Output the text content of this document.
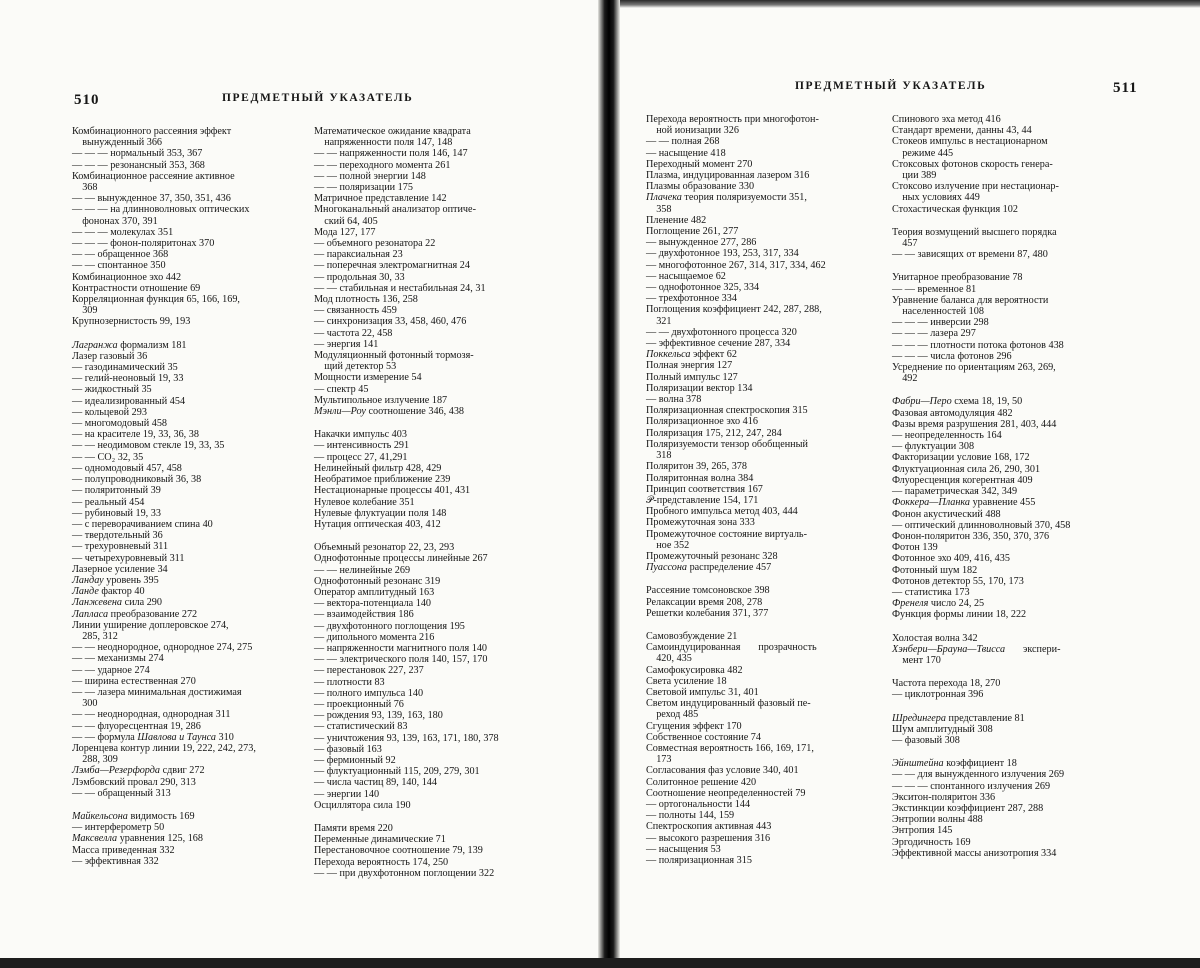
510	ПРЕДМЕТНЫЙ УКАЗАТЕЛЬ
Комбинационного рассеяния эффект
вынужденный 366
— — — нормальный 353, 367
— — — резонансный 353, 368
Комбинационное рассеяние активное
368
— — вынужденное 37, 350, 351, 436
— — — на длинноволновых оптических
фононах 370, 391
— — — молекулах 351
— — — фонон-поляритонах 370
— — обращенное 368
— — спонтанное 350
Комбинационное эхо 442
Контрастности отношение 69
Корреляционная функция 65, 166, 169,
309
Крупнозернистость 99, 193
Лагранжа формализм 181
Лазер газовый 36
— газодинамический 35
— гелий-неоновый 19, 33
— жидкостный 35
— идеализированный 454
— кольцевой 293
— многомодовый 458
— на красителе 19, 33, 36, 38
— — неодимовом стекле 19, 33, 35
— — CO₂ 32, 35
— одномодовый 457, 458
— полупроводниковый 36, 38
— поляритонный 39
— реальный 454
— рубиновый 19, 33
— с переворачиванием спина 40
— твердотельный 36
— трехуровневый 311
— четырехуровневый 311
Лазерное усиление 34
Ландау уровень 395
Ланде фактор 40
Ланжевена сила 290
Лапласа преобразование 272
Линии уширение доплеровское 274,
285, 312
— — неоднородное, однородное 274, 275
— — механизмы 274
— — ударное 274
— ширина естественная 270
— — лазера минимальная достижимая
300
— — неоднородная, однородная 311
— — флуоресцентная 19, 286
— — формула Шавлова и Таунса 310
Лоренцева контур линии 19, 222, 242, 273,
288, 309
Лэмба—Резерфорда сдвиг 272
Лэмбовский провал 290, 313
— — обращенный 313
Майкельсона видимость 169
— интерферометр 50
Максвелла уравнения 125, 168
Масса приведенная 332
— эффективная 332
Математическое ожидание квадрата
напряженности поля 147, 148
— — напряженности поля 146, 147
— — переходного момента 261
— — полной энергии 148
— — поляризации 175
Матричное представление 142
Многоканальный анализатор оптиче-
ский 64, 405
Мода 127, 177
— объемного резонатора 22
— параксиальная 23
— поперечная электромагнитная 24
— продольная 30, 33
— — стабильная и нестабильная 24, 31
Мод плотность 136, 258
— связанность 459
— синхронизация 33, 458, 460, 476
— частота 22, 458
— энергия 141
Модуляционный фотонный тормозя-
щий детектор 53
Мощности измерение 54
— спектр 45
Мультипольное излучение 187
Мэнли—Роу соотношение 346, 438
Накачки импульс 403
— интенсивность 291
— процесс 27, 41,291
Нелинейный фильтр 428, 429
Необратимое приближение 239
Нестационарные процессы 401, 431
Нулевое колебание 351
Нулевые флуктуации поля 148
Нутация оптическая 403, 412
Объемный резонатор 22, 23, 293
Однофотонные процессы линейные 267
— — нелинейные 269
Однофотонный резонанс 319
Оператор амплитудный 163
— вектора-потенциала 140
— взаимодействия 186
— двухфотонного поглощения 195
— дипольного момента 216
— напряженности магнитного поля 140
— — электрического поля 140, 157, 170
— перестановок 227, 237
— плотности 83
— полного импульса 140
— проекционный 76
— рождения 93, 139, 163, 180
— статистический 83
— уничтожения 93, 139, 163, 171, 180, 378
— фазовый 163
— фермионный 92
— флуктуационный 115, 209, 279, 301
— числа частиц 89, 140, 144
— энергии 140
Осциллятора сила 190
Памяти время 220
Переменные динамические 71
Перестановочное соотношение 79, 139
Перехода вероятность 174, 250
— — при двухфотонном поглощении 322
ПРЕДМЕТНЫЙ УКАЗАТЕЛЬ	511
Перехода вероятность при многофотон-
ной ионизации 326
— — полная 268
— насыщение 418
Переходный момент 270
Плазма, индуцированная лазером 316
Плазмы образование 330
Плачека теория поляризуемости 351,
358
Пленение 482
Поглощение 261, 277
— вынужденное 277, 286
— двухфотонное 193, 253, 317, 334
— многофотонное 267, 314, 317, 334, 462
— насыщаемое 62
— однофотонное 325, 334
— трехфотонное 334
Поглощения коэффициент 242, 287, 288,
321
— — двухфотонного процесса 320
— эффективное сечение 287, 334
Поккельса эффект 62
Полная энергия 127
Полный импульс 127
Поляризации вектор 134
— волна 378
Поляризационная спектроскопия 315
Поляризационное эхо 416
Поляризация 175, 212, 247, 284
Поляризуемости тензор обобщенный
318
Поляритон 39, 265, 378
Поляритонная волна 384
Принцип соответствия 167
𝒫-представление 154, 171
Пробного импульса метод 403, 444
Промежуточная зона 333
Промежуточное состояние виртуаль-
ное 352
Промежуточный резонанс 328
Пуассона распределение 457
Рассеяние томсоновское 398
Релаксации время 208, 278
Решетки колебания 371, 377
Самовозбуждение 21
Самоиндуцированная       прозрачность
420, 435
Самофокусировка 482
Света усиление 18
Световой импульс 31, 401
Светом индуцированный фазовый пе-
реход 485
Сгущения эффект 170
Собственное состояние 74
Совместная вероятность 166, 169, 171,
173
Согласования фаз условие 340, 401
Солитонное решение 420
Соотношение неопределенностей 79
— ортогональности 144
— полноты 144, 159
Спектроскопия активная 443
— высокого разрешения 316
— насыщения 53
— поляризационная 315
Спинового эха метод 416
Стандарт времени, данны 43, 44
Стокеов импульс в нестационарном
режиме 445
Стоксовых фотонов скорость генера-
ции 389
Стоксово излучение при нестационар-
ных условиях 449
Стохастическая функция 102
Теория возмущений высшего порядка
457
— — зависящих от времени 87, 480
Унитарное преобразование 78
— — временное 81
Уравнение баланса для вероятности
населенностей 108
— — — инверсии 298
— — — лазера 297
— — — плотности потока фотонов 438
— — — числа фотонов 296
Усреднение по ориентациям 263, 269,
492
Фабри—Перо схема 18, 19, 50
Фазовая автомодуляция 482
Фазы время разрушения 281, 403, 444
— неопределенность 164
— флуктуации 308
Факторизации условие 168, 172
Флуктуационная сила 26, 290, 301
Флуоресценция когерентная 409
— параметрическая 342, 349
Фоккера—Планка уравнение 455
Фонон акустический 488
— оптический длинноволновый 370, 458
Фонон-поляритон 336, 350, 370, 376
Фотон 139
Фотонное эхо 409, 416, 435
Фотонный шум 182
Фотонов детектор 55, 170, 173
— статистика 173
Френеля число 24, 25
Функция формы линии 18, 222
Холостая волна 342
Хэнбери—Брауна—Твисса       экспери-
мент 170
Частота перехода 18, 270
— циклотронная 396
Шредингера представление 81
Шум амплитудный 308
— фазовый 308
Эйнштейна коэффициент 18
— — для вынужденного излучения 269
— — — спонтанного излучения 269
Экситон-поляритон 336
Экстинкции коэффициент 287, 288
Энтропии волны 488
Энтропия 145
Эргодичность 169
Эффективной массы анизотропия 334
